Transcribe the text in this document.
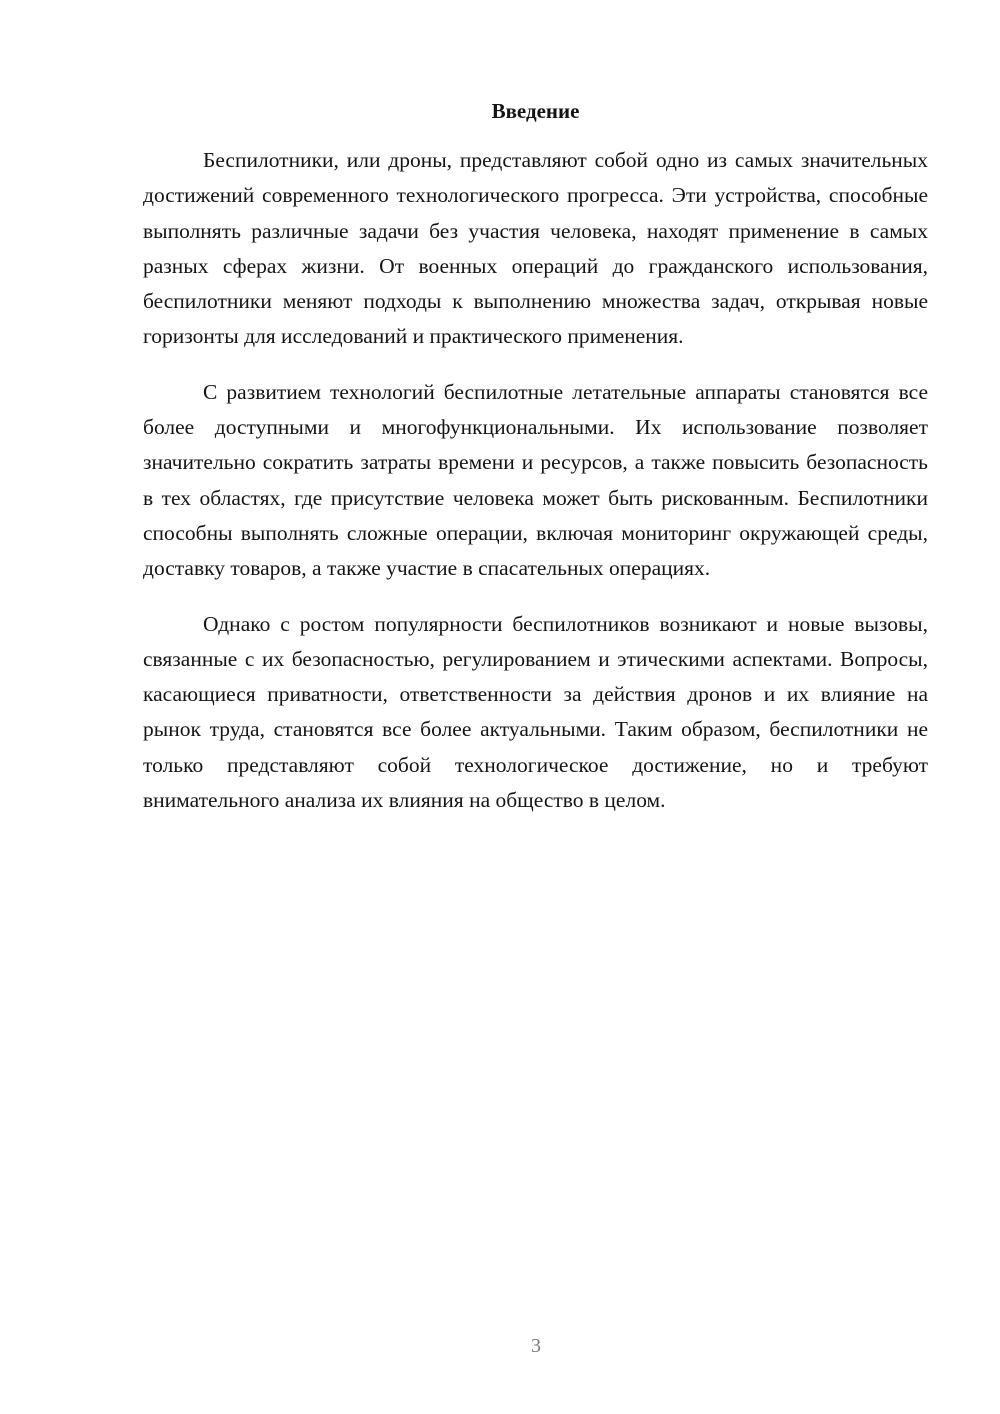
Введение

Беспилотники, или дроны, представляют собой одно из самых значительных достижений современного технологического прогресса. Эти устройства, способные выполнять различные задачи без участия человека, находят применение в самых разных сферах жизни. От военных операций до гражданского использования, беспилотники меняют подходы к выполнению множества задач, открывая новые горизонты для исследований и практического применения.

С развитием технологий беспилотные летательные аппараты становятся все более доступными и многофункциональными. Их использование позволяет значительно сократить затраты времени и ресурсов, а также повысить безопасность в тех областях, где присутствие человека может быть рискованным. Беспилотники способны выполнять сложные операции, включая мониторинг окружающей среды, доставку товаров, а также участие в спасательных операциях.

Однако с ростом популярности беспилотников возникают и новые вызовы, связанные с их безопасностью, регулированием и этическими аспектами. Вопросы, касающиеся приватности, ответственности за действия дронов и их влияние на рынок труда, становятся все более актуальными. Таким образом, беспилотники не только представляют собой технологическое достижение, но и требуют внимательного анализа их влияния на общество в целом.

3
